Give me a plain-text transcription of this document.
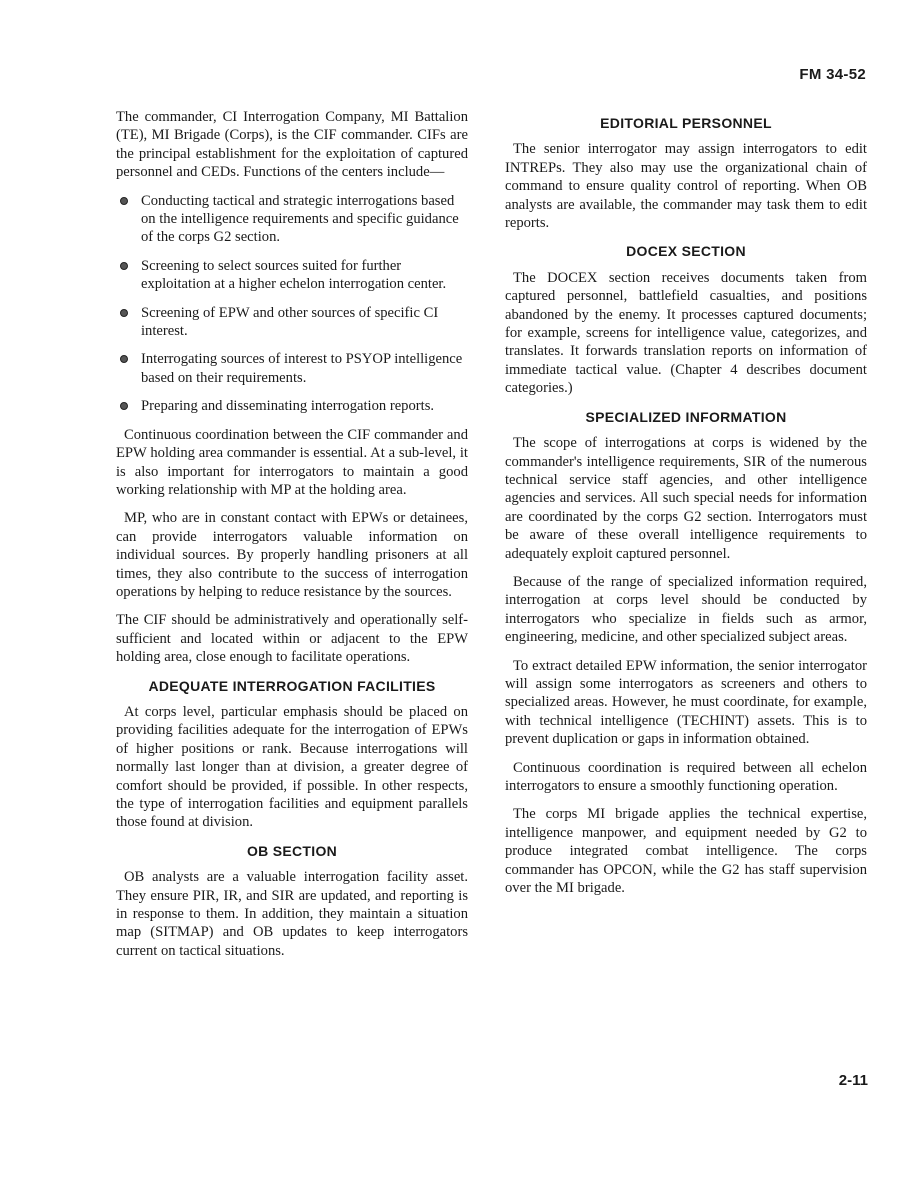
FM 34-52

The commander, CI Interrogation Company, MI Battalion (TE), MI Brigade (Corps), is the CIF commander. CIFs are the principal establishment for the exploitation of captured personnel and CEDs. Functions of the centers include—

Conducting tactical and strategic interrogations based on the intelligence requirements and specific guidance of the corps G2 section.
Screening to select sources suited for further exploitation at a higher echelon interrogation center.
Screening of EPW and other sources of specific CI interest.
Interrogating sources of interest to PSYOP intelligence based on their requirements.
Preparing and disseminating interrogation reports.

Continuous coordination between the CIF commander and EPW holding area commander is essential. At a sub-level, it is also important for interrogators to maintain a good working relationship with MP at the holding area.

MP, who are in constant contact with EPWs or detainees, can provide interrogators valuable information on individual sources. By properly handling prisoners at all times, they also contribute to the success of interrogation operations by helping to reduce resistance by the sources.

The CIF should be administratively and operationally self-sufficient and located within or adjacent to the EPW holding area, close enough to facilitate operations.

ADEQUATE INTERROGATION FACILITIES

At corps level, particular emphasis should be placed on providing facilities adequate for the interrogation of EPWs of higher positions or rank. Because interrogations will normally last longer than at division, a greater degree of comfort should be provided, if possible. In other respects, the type of interrogation facilities and equipment parallels those found at division.

OB SECTION

OB analysts are a valuable interrogation facility asset. They ensure PIR, IR, and SIR are updated, and reporting is in response to them. In addition, they maintain a situation map (SITMAP) and OB updates to keep interrogators current on tactical situations.

EDITORIAL PERSONNEL

The senior interrogator may assign interrogators to edit INTREPs. They also may use the organizational chain of command to ensure quality control of reporting. When OB analysts are available, the commander may task them to edit reports.

DOCEX SECTION

The DOCEX section receives documents taken from captured personnel, battlefield casualties, and positions abandoned by the enemy. It processes captured documents; for example, screens for intelligence value, categorizes, and translates. It forwards translation reports on information of immediate tactical value. (Chapter 4 describes document categories.)

SPECIALIZED INFORMATION

The scope of interrogations at corps is widened by the commander's intelligence requirements, SIR of the numerous technical service staff agencies, and other intelligence agencies and services. All such special needs for information are coordinated by the corps G2 section. Interrogators must be aware of these overall intelligence requirements to adequately exploit captured personnel.

Because of the range of specialized information required, interrogation at corps level should be conducted by interrogators who specialize in fields such as armor, engineering, medicine, and other specialized subject areas.

To extract detailed EPW information, the senior interrogator will assign some interrogators as screeners and others to specialized areas. However, he must coordinate, for example, with technical intelligence (TECHINT) assets. This is to prevent duplication or gaps in information obtained.

Continuous coordination is required between all echelon interrogators to ensure a smoothly functioning operation.

The corps MI brigade applies the technical expertise, intelligence manpower, and equipment needed by G2 to produce integrated combat intelligence. The corps commander has OPCON, while the G2 has staff supervision over the MI brigade.

2-11
